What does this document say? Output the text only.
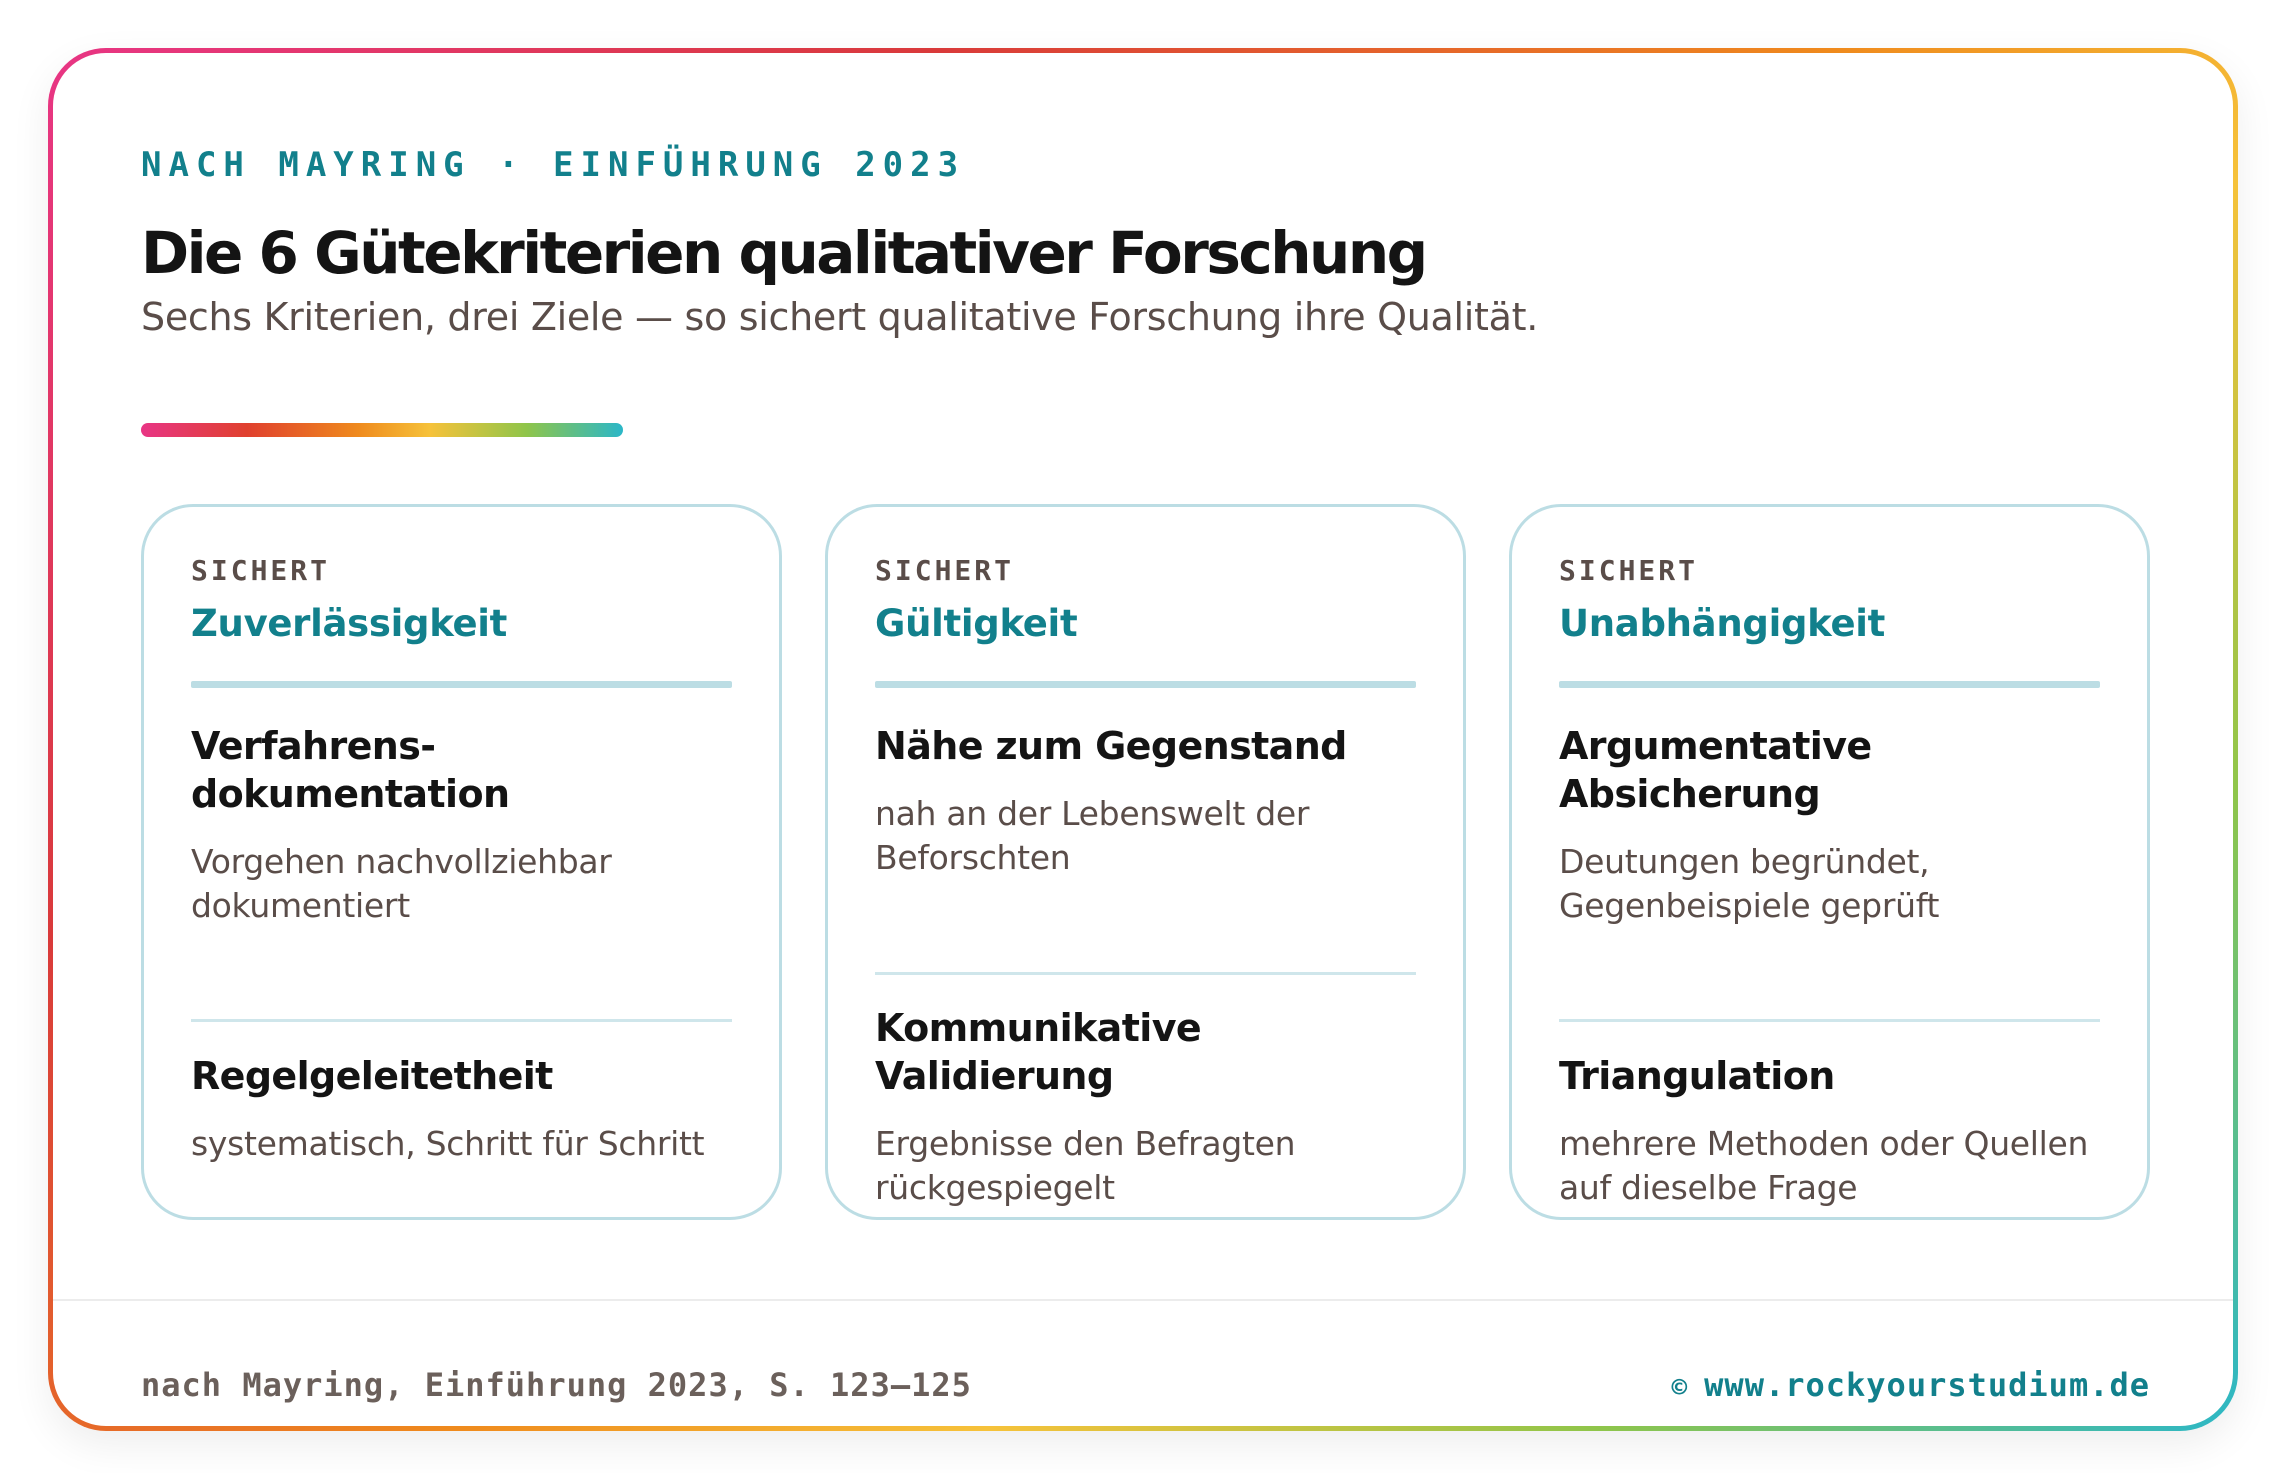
NACH MAYRING · EINFÜHRUNG 2023
Die 6 Gütekriterien qualitativer Forschung
Sechs Kriterien, drei Ziele — so sichert qualitative Forschung ihre Qualität.
SICHERT
Zuverlässigkeit
Verfahrens-
dokumentation
Vorgehen nachvollziehbar dokumentiert
Regelgeleitetheit
systematisch, Schritt für Schritt
SICHERT
Gültigkeit
Nähe zum Gegenstand
nah an der Lebenswelt der Beforschten
Kommunikative Validierung
Ergebnisse den Befragten rückgespiegelt
SICHERT
Unabhängigkeit
Argumentative Absicherung
Deutungen begründet, Gegenbeispiele geprüft
Triangulation
mehrere Methoden oder Quellen auf dieselbe Frage
nach Mayring, Einführung 2023, S. 123–125	© www.rockyourstudium.de
